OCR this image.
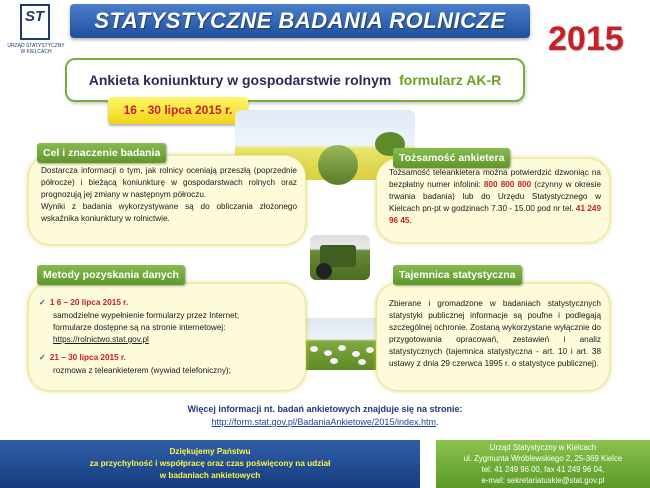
ST
URZĄD STATYSTYCZNY
W KIELCACH
STATYSTYCZNE BADANIA ROLNICZE	2015
Ankieta koniunktury w gospodarstwie rolnym formularz AK-R
16 - 30 lipca 2015 r.
Dostarcza informacji o tym, jak rolnicy oceniają przeszłą (poprzednie półrocze) i bieżącą koniunkturę w gospodarstwach rolnych oraz prognozują jej zmiany w następnym półroczu.
Wyniki z badania wykorzystywane są do obliczania złożonego wskaźnika koniunktury w rolnictwie.
Cel i znaczenie badania
Tożsamość teleankietera można potwierdzić dzwoniąc na bezpłatny numer infolinii: 800 800 800 (czynny w okresie trwania badania) lub do Urzędu Statystycznego w Kielcach pn-pt w godzinach 7.30 - 15.00 pod nr tel. 41 249 96 45.
Tożsamość ankietera
✓ 1 6 – 20 lipca 2015 r.
samodzielne wypełnienie formularzy przez Internet;
formularze dostępne są na stronie internetowej:
https://rolnictwo.stat.gov.pl
✓ 21 – 30 lipca 2015 r.
rozmowa z teleankieterem (wywiad telefoniczny);
Metody pozyskania danych
Zbierane i gromadzone w badaniach statystycznych statystyki publicznej informacje są poufne i podlegają szczególnej ochronie. Zostaną wykorzystane wyłącznie do przygotowania opracowań, zestawień i analiz statystycznych (tajemnica statystyczna - art. 10 i art. 38 ustawy z dnia 29 czerwca 1995 r. o statystyce publicznej).
Tajemnica statystyczna
Więcej informacji nt. badań ankietowych znajduje się na stronie:
http://form.stat.gov.pl/BadaniaAnkietowe/2015/index.htm.
Dziękujemy Państwu
za przychylność i współpracę oraz czas poświęcony na udział
w badaniach ankietowych
Urząd Statystyczny w Kielcach
ul. Zygmunta Wróblewskiego 2, 25-369 Kielce
tel. 41 249 96 00, fax 41 249 96 04,
e-mail: sekretariatuskie@stat.gov.pl
